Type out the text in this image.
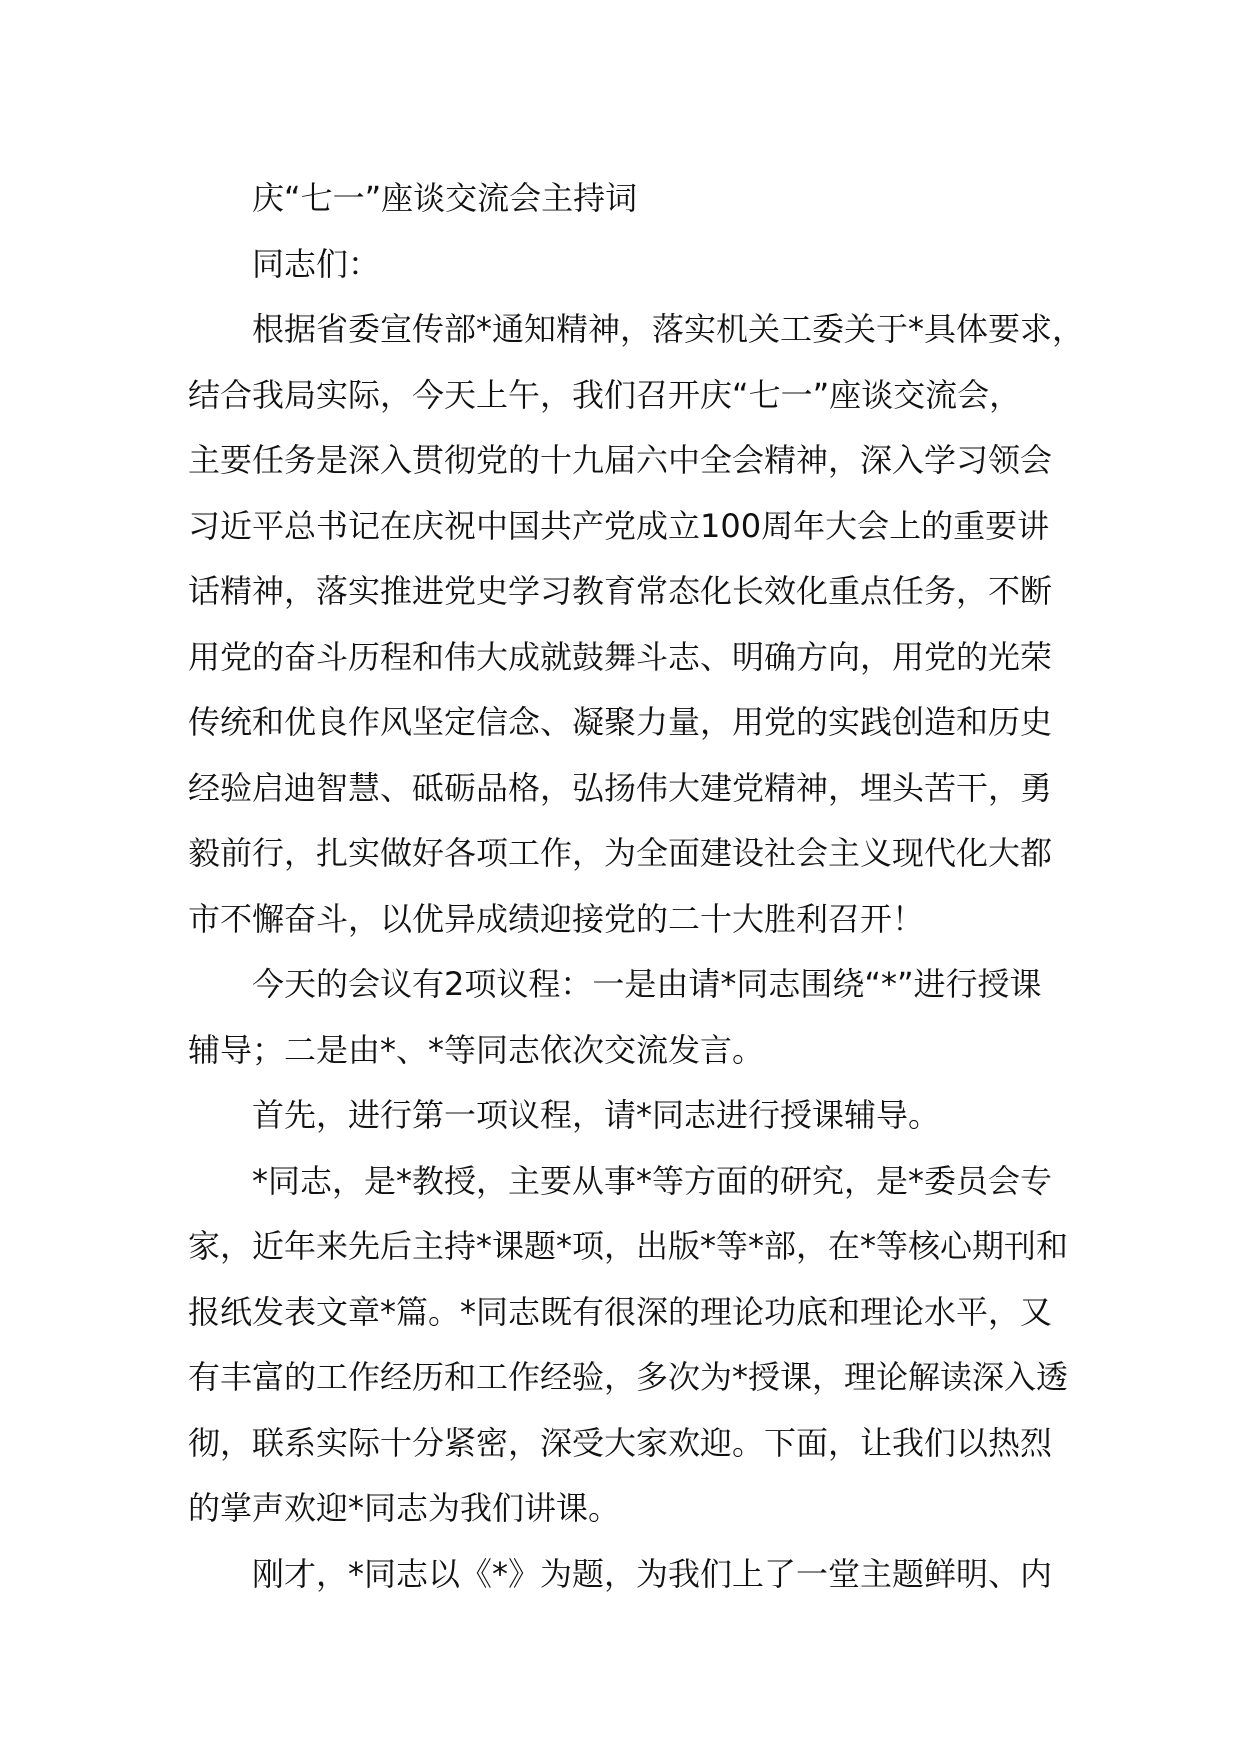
庆“七一”座谈交流会主持词

同志们：

根据省委宣传部*通知精神，落实机关工委关于*具体要求，

结合我局实际，今天上午，我们召开庆“七一”座谈交流会，

主要任务是深入贯彻党的十九届六中全会精神，深入学习领会

习近平总书记在庆祝中国共产党成立100周年大会上的重要讲

话精神，落实推进党史学习教育常态化长效化重点任务，不断

用党的奋斗历程和伟大成就鼓舞斗志、明确方向，用党的光荣

传统和优良作风坚定信念、凝聚力量，用党的实践创造和历史

经验启迪智慧、砥砺品格，弘扬伟大建党精神，埋头苦干，勇

毅前行，扎实做好各项工作，为全面建设社会主义现代化大都

市不懈奋斗，以优异成绩迎接党的二十大胜利召开！

今天的会议有2项议程：一是由请*同志围绕“*”进行授课

辅导；二是由*、*等同志依次交流发言。

首先，进行第一项议程，请*同志进行授课辅导。

*同志，是*教授，主要从事*等方面的研究，是*委员会专

家，近年来先后主持*课题*项，出版*等*部，在*等核心期刊和

报纸发表文章*篇。*同志既有很深的理论功底和理论水平，又

有丰富的工作经历和工作经验，多次为*授课，理论解读深入透

彻，联系实际十分紧密，深受大家欢迎。下面，让我们以热烈

的掌声欢迎*同志为我们讲课。

刚才，*同志以《*》为题，为我们上了一堂主题鲜明、内
